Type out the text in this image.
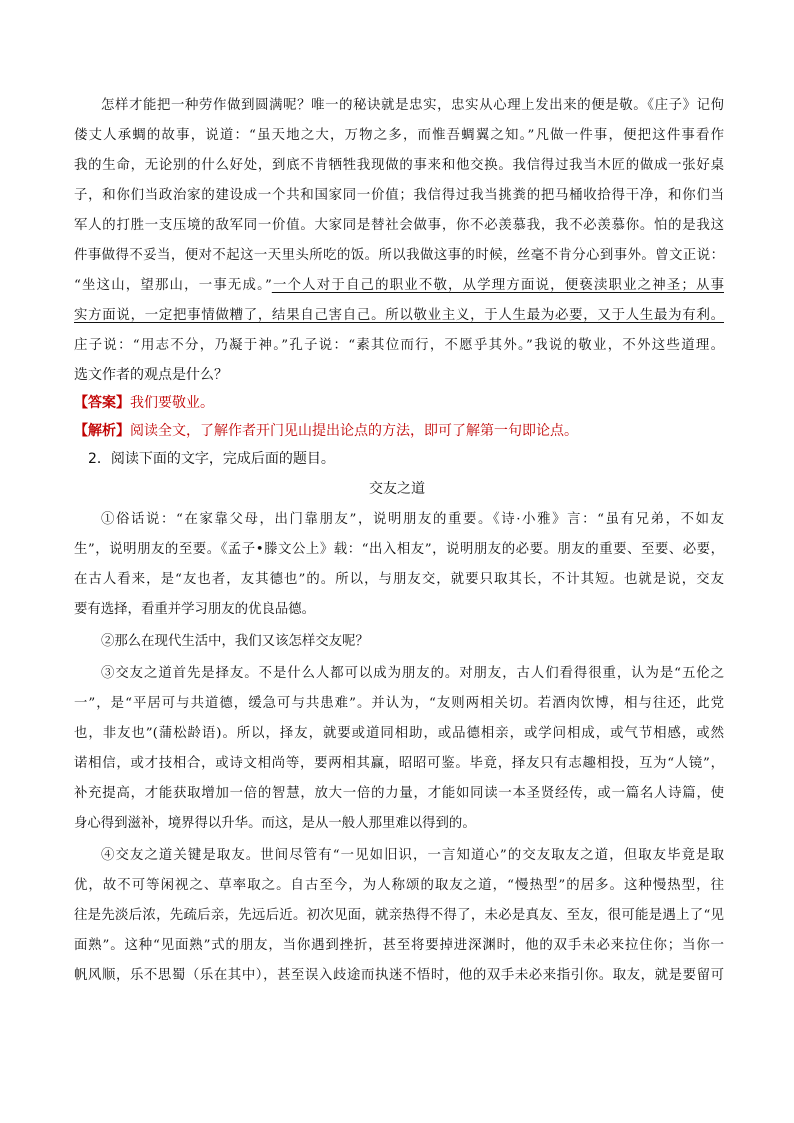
怎样才能把一种劳作做到圆满呢？唯一的秘诀就是忠实，忠实从心理上发出来的便是敬。《庄子》记佝
偻丈人承蜩的故事，说道：“虽天地之大，万物之多，而惟吾蜩翼之知。”凡做一件事，便把这件事看作
我的生命，无论别的什么好处，到底不肯牺牲我现做的事来和他交换。我信得过我当木匠的做成一张好桌
子，和你们当政治家的建设成一个共和国家同一价值；我信得过我当挑粪的把马桶收拾得干净，和你们当
军人的打胜一支压境的敌军同一价值。大家同是替社会做事，你不必羡慕我，我不必羡慕你。怕的是我这
件事做得不妥当，便对不起这一天里头所吃的饭。所以我做这事的时候，丝毫不肯分心到事外。曾文正说：
“坐这山，望那山，一事无成。”一个人对于自己的职业不敬，从学理方面说，便亵渎职业之神圣；从事
实方面说，一定把事情做糟了，结果自己害自己。所以敬业主义，于人生最为必要，又于人生最为有利。
庄子说：“用志不分，乃凝于神。”孔子说：“素其位而行，不愿乎其外。”我说的敬业，不外这些道理。
选文作者的观点是什么？
【答案】我们要敬业。
【解析】阅读全文，了解作者开门见山提出论点的方法，即可了解第一句即论点。
2．阅读下面的文字，完成后面的题目。
交友之道
①俗话说：“在家靠父母，出门靠朋友”，说明朋友的重要。《诗·小雅》言：“虽有兄弟，不如友
生”，说明朋友的至要。《孟子•滕文公上》载：“出入相友”，说明朋友的必要。朋友的重要、至要、必要，
在古人看来，是“友也者，友其德也”的。所以，与朋友交，就要只取其长，不计其短。也就是说，交友
要有选择，看重并学习朋友的优良品德。
②那么在现代生活中，我们又该怎样交友呢？
③交友之道首先是择友。不是什么人都可以成为朋友的。对朋友，古人们看得很重，认为是“五伦之
一”，是“平居可与共道德，缓急可与共患难”。并认为，“友则两相关切。若酒肉饮博，相与往还，此党
也，非友也”(蒲松龄语)。所以，择友，就要或道同相助，或品德相亲，或学问相成，或气节相感，或然
诺相信，或才技相合，或诗文相尚等，要两相其赢，昭昭可鉴。毕竟，择友只有志趣相投，互为“人镜”，
补充提高，才能获取增加一倍的智慧，放大一倍的力量，才能如同读一本圣贤经传，或一篇名人诗篇，使
身心得到滋补，境界得以升华。而这，是从一般人那里难以得到的。
④交友之道关键是取友。世间尽管有“一见如旧识，一言知道心”的交友取友之道，但取友毕竟是取
优，故不可等闲视之、草率取之。自古至今，为人称颂的取友之道，“慢热型”的居多。这种慢热型，往
往是先淡后浓，先疏后亲，先远后近。初次见面，就亲热得不得了，未必是真友、至友，很可能是遇上了“见
面熟”。这种“见面熟”式的朋友，当你遇到挫折，甚至将要掉进深渊时，他的双手未必来拉住你；当你一
帆风顺，乐不思蜀（乐在其中），甚至误入歧途而执迷不悟时，他的双手未必来指引你。取友，就是要留可
